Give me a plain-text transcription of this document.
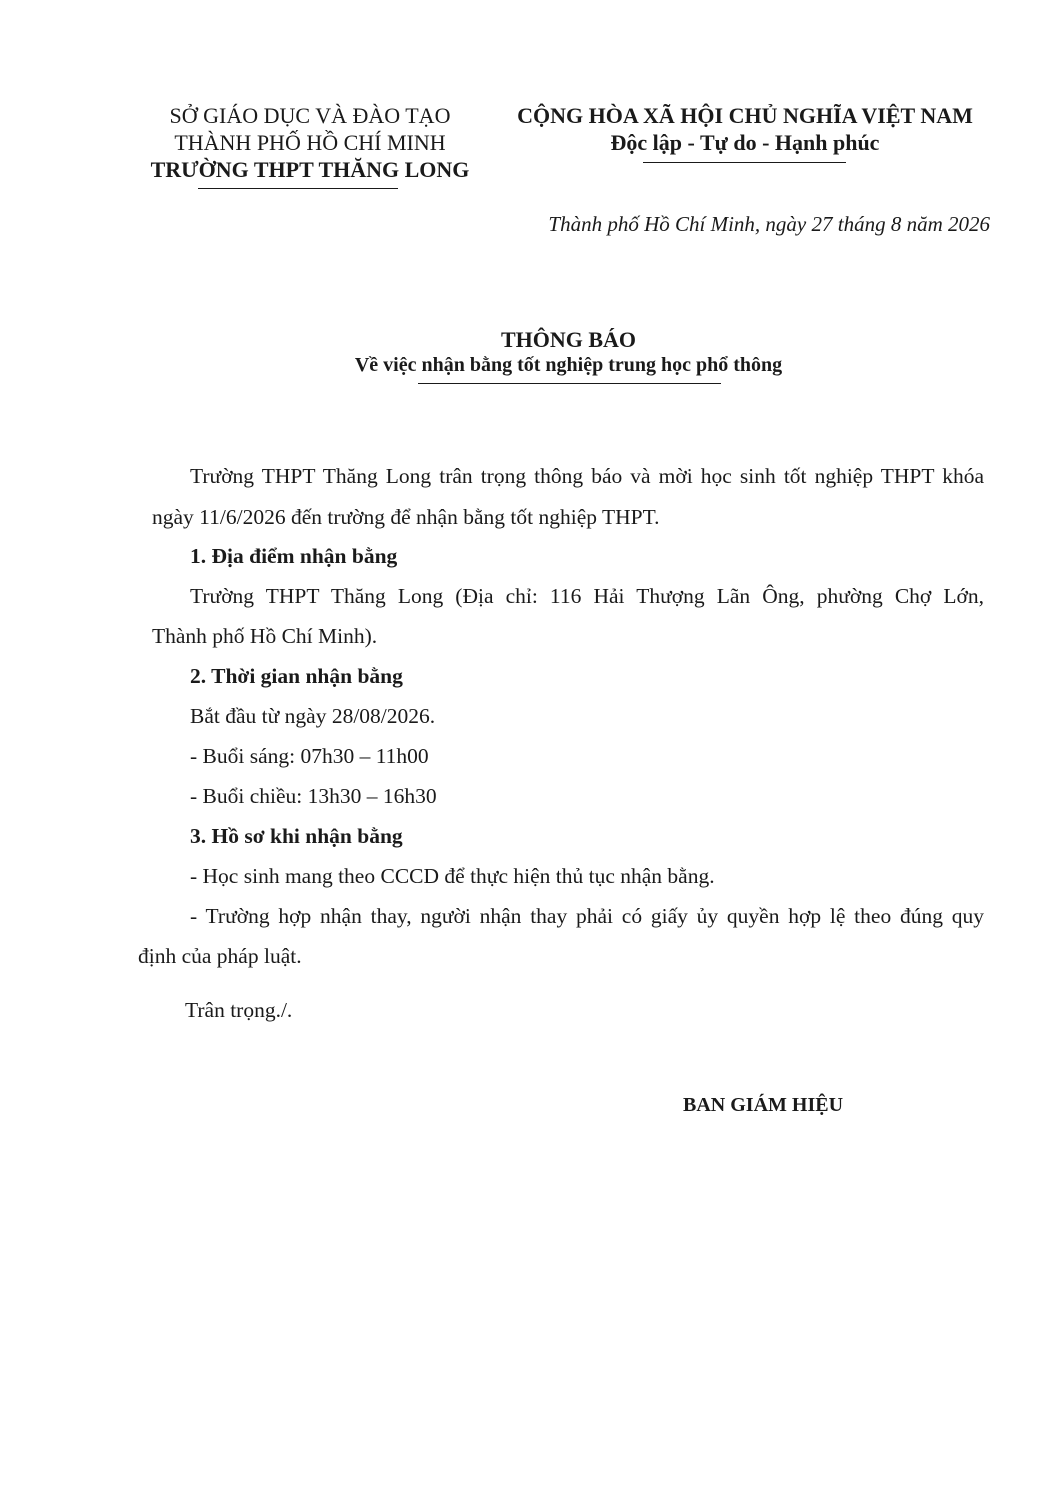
SỞ GIÁO DỤC VÀ ĐÀO TẠO
THÀNH PHỐ HỒ CHÍ MINH
TRƯỜNG THPT THĂNG LONG
CỘNG HÒA XÃ HỘI CHỦ NGHĨA VIỆT NAM
Độc lập - Tự do - Hạnh phúc
Thành phố Hồ Chí Minh, ngày 27 tháng 8 năm 2026
THÔNG BÁO
Về việc nhận bằng tốt nghiệp trung học phổ thông
Trường THPT Thăng Long trân trọng thông báo và mời học sinh tốt nghiệp THPT khóa
ngày 11/6/2026 đến trường để nhận bằng tốt nghiệp THPT.
1. Địa điểm nhận bằng
Trường THPT Thăng Long (Địa chỉ: 116 Hải Thượng Lãn Ông, phường Chợ Lớn,
Thành phố Hồ Chí Minh).
2. Thời gian nhận bằng
Bắt đầu từ ngày 28/08/2026.
- Buổi sáng: 07h30 – 11h00
- Buổi chiều: 13h30 – 16h30
3. Hồ sơ khi nhận bằng
- Học sinh mang theo CCCD để thực hiện thủ tục nhận bằng.
- Trường hợp nhận thay, người nhận thay phải có giấy ủy quyền hợp lệ theo đúng quy
định của pháp luật.
Trân trọng./.
BAN GIÁM HIỆU
